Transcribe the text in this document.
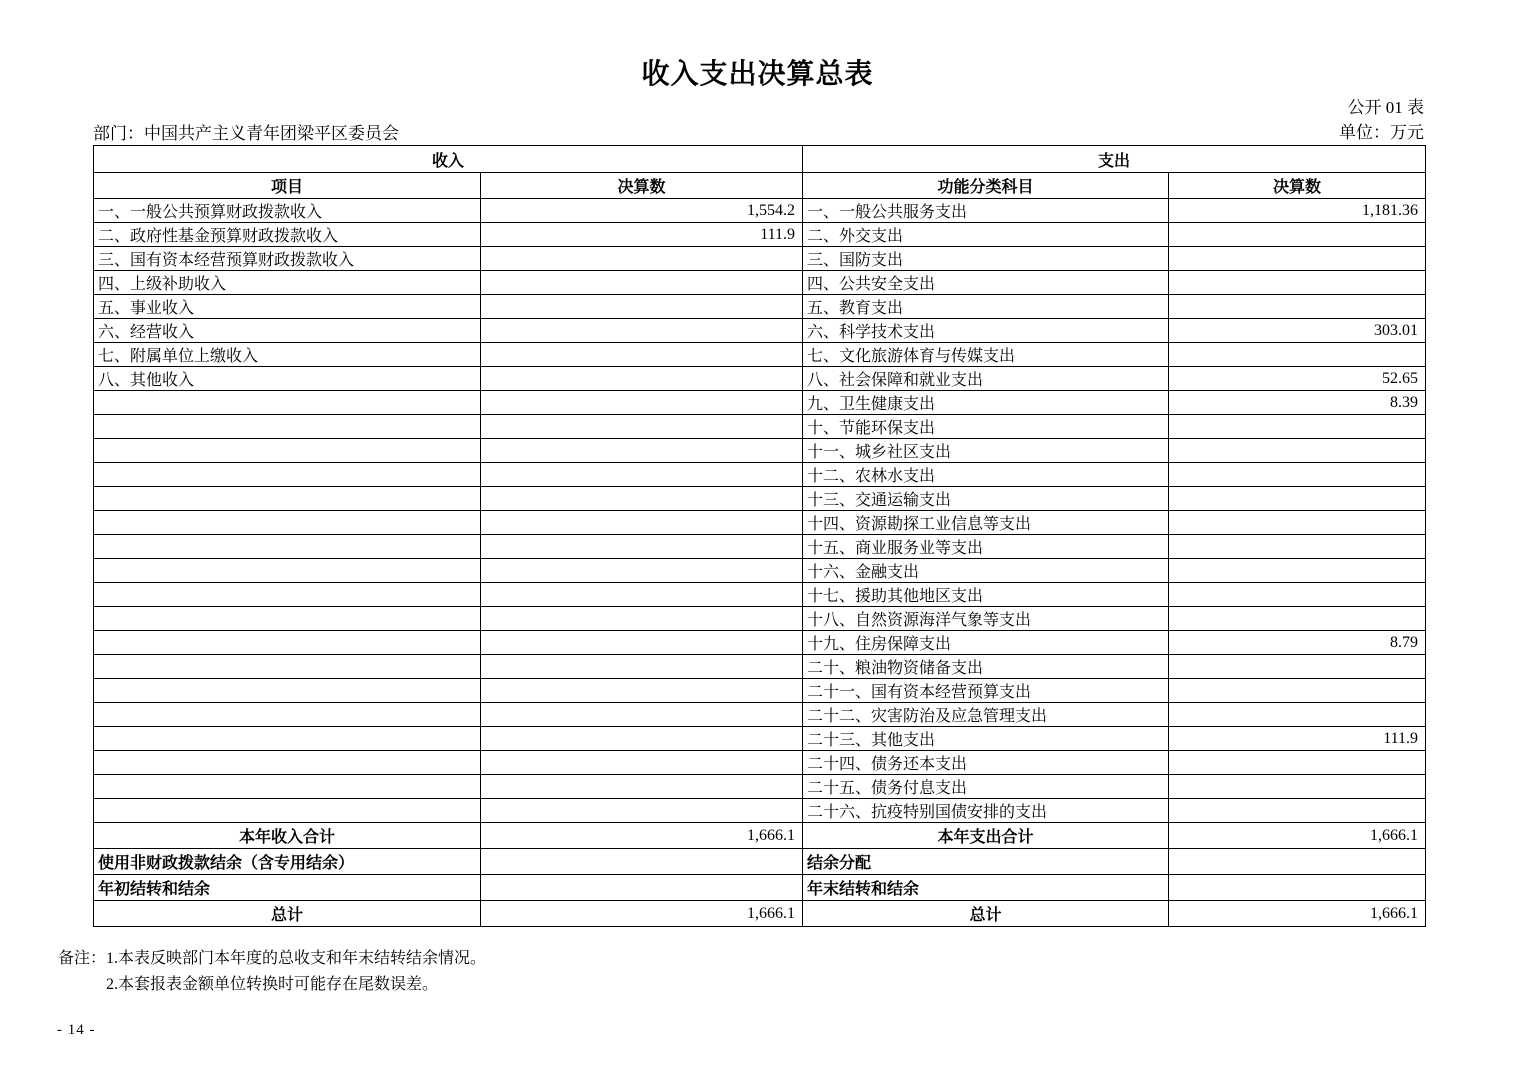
收入支出决算总表
公开 01 表
部门：中国共产主义青年团梁平区委员会	单位：万元
收入		支出	
项目	决算数	功能分类科目	决算数
一、一般公共预算财政拨款收入	1,554.2	一、一般公共服务支出	1,181.36
二、政府性基金预算财政拨款收入	111.9	二、外交支出	
三、国有资本经营预算财政拨款收入		三、国防支出	
四、上级补助收入		四、公共安全支出	
五、事业收入		五、教育支出	
六、经营收入		六、科学技术支出	303.01
七、附属单位上缴收入		七、文化旅游体育与传媒支出	
八、其他收入		八、社会保障和就业支出	52.65
		九、卫生健康支出	8.39
		十、节能环保支出	
		十一、城乡社区支出	
		十二、农林水支出	
		十三、交通运输支出	
		十四、资源勘探工业信息等支出	
		十五、商业服务业等支出	
		十六、金融支出	
		十七、援助其他地区支出	
		十八、自然资源海洋气象等支出	
		十九、住房保障支出	8.79
		二十、粮油物资储备支出	
		二十一、国有资本经营预算支出	
		二十二、灾害防治及应急管理支出	
		二十三、其他支出	111.9
		二十四、债务还本支出	
		二十五、债务付息支出	
		二十六、抗疫特别国债安排的支出	
本年收入合计	1,666.1	本年支出合计	1,666.1
使用非财政拨款结余（含专用结余）		结余分配	
年初结转和结余		年末结转和结余	
总计	1,666.1	总计	1,666.1
备注： 1.本表反映部门本年度的总收支和年末结转结余情况。
2.本套报表金额单位转换时可能存在尾数误差。
- 14 -
